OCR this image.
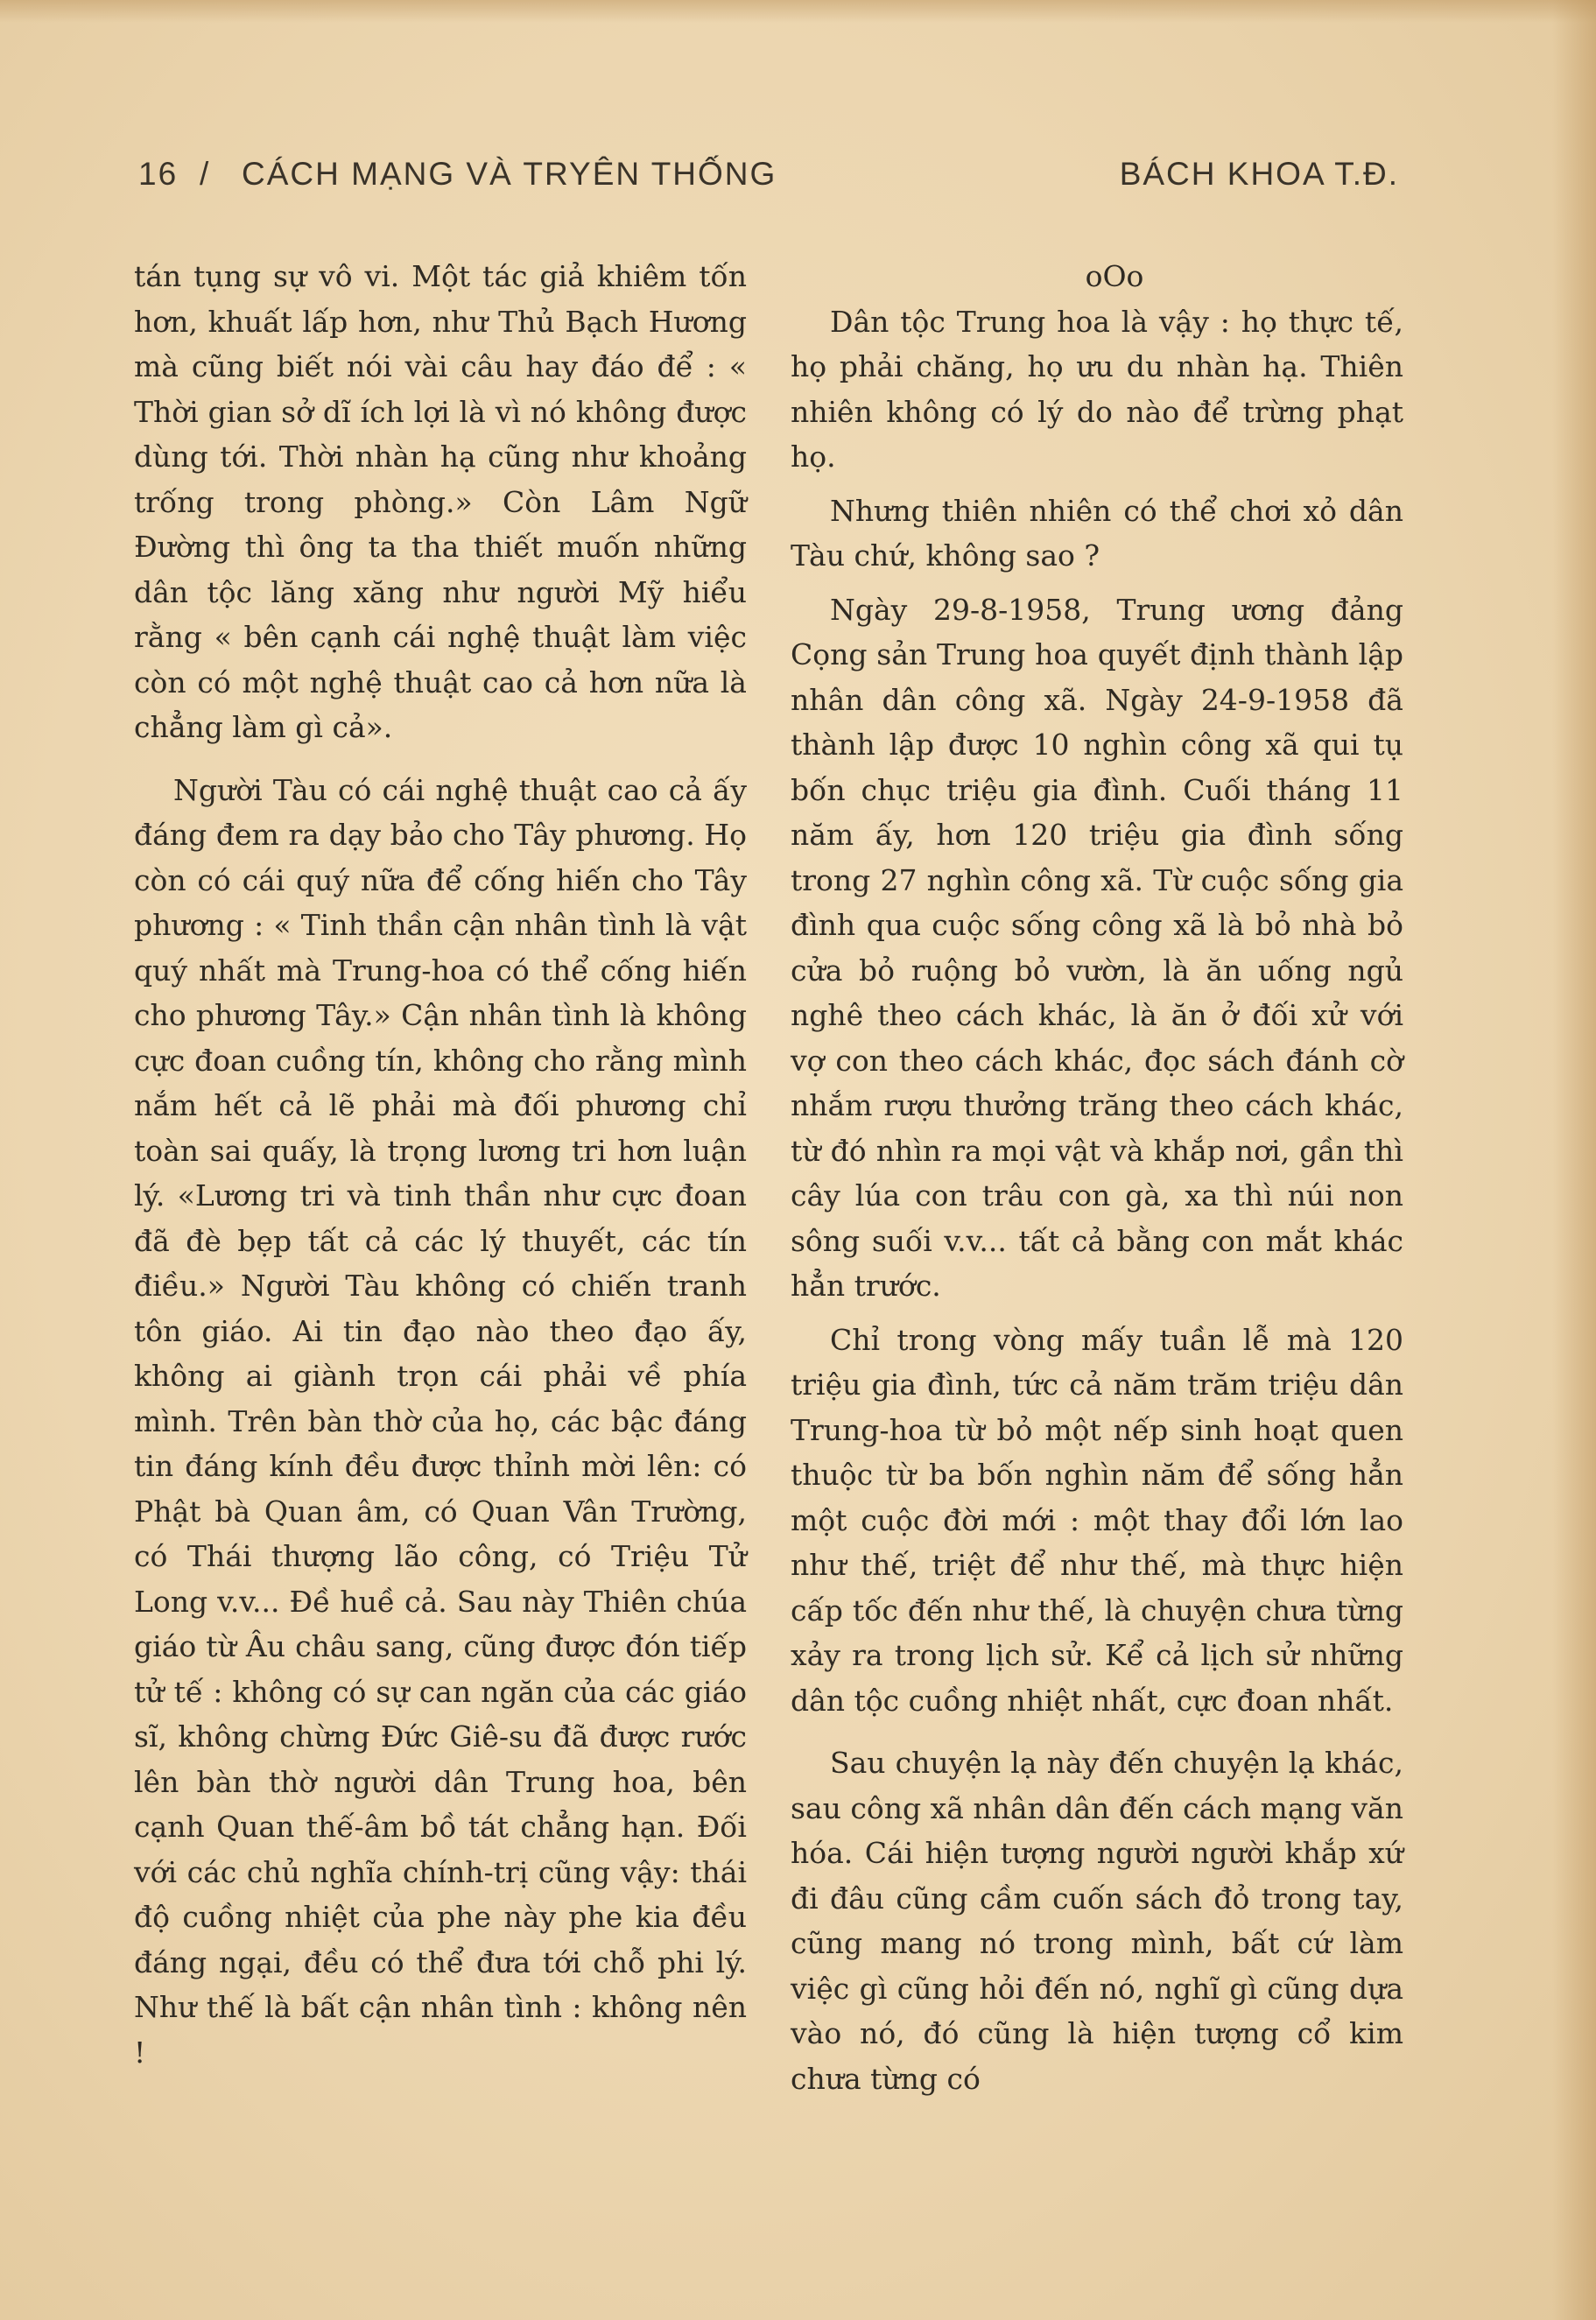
16 / CÁCH MẠNG VÀ TRYÊN THỐNG	BÁCH KHOA T.Đ.

tán tụng sự vô vi. Một tác giả khiêm tốn hơn, khuất lấp hơn, như Thủ Bạch Hương mà cũng biết nói vài câu hay đáo để : « Thời gian sở dĩ ích lợi là vì nó không được dùng tới. Thời nhàn hạ cũng như khoảng trống trong phòng.» Còn Lâm Ngữ Đường thì ông ta tha thiết muốn những dân tộc lăng xăng như người Mỹ hiểu rằng « bên cạnh cái nghệ thuật làm việc còn có một nghệ thuật cao cả hơn nữa là chẳng làm gì cả».

Người Tàu có cái nghệ thuật cao cả ấy đáng đem ra dạy bảo cho Tây phương. Họ còn có cái quý nữa để cống hiến cho Tây phương : « Tinh thần cận nhân tình là vật quý nhất mà Trung-hoa có thể cống hiến cho phương Tây.» Cận nhân tình là không cực đoan cuồng tín, không cho rằng mình nắm hết cả lẽ phải mà đối phương chỉ toàn sai quấy, là trọng lương tri hơn luận lý. «Lương tri và tinh thần như cực đoan đã đè bẹp tất cả các lý thuyết, các tín điều.» Người Tàu không có chiến tranh tôn giáo. Ai tin đạo nào theo đạo ấy, không ai giành trọn cái phải về phía mình. Trên bàn thờ của họ, các bậc đáng tin đáng kính đều được thỉnh mời lên: có Phật bà Quan âm, có Quan Vân Trường, có Thái thượng lão công, có Triệu Tử Long v.v... Đề huề cả. Sau này Thiên chúa giáo từ Âu châu sang, cũng được đón tiếp tử tế : không có sự can ngăn của các giáo sĩ, không chừng Đức Giê-su đã được rước lên bàn thờ người dân Trung hoa, bên cạnh Quan thế-âm bồ tát chẳng hạn. Đối với các chủ nghĩa chính-trị cũng vậy: thái độ cuồng nhiệt của phe này phe kia đều đáng ngại, đều có thể đưa tới chỗ phi lý. Như thế là bất cận nhân tình : không nên !

oOo

Dân tộc Trung hoa là vậy : họ thực tế, họ phải chăng, họ ưu du nhàn hạ. Thiên nhiên không có lý do nào để trừng phạt họ.

Nhưng thiên nhiên có thể chơi xỏ dân Tàu chứ, không sao ?

Ngày 29-8-1958, Trung ương đảng Cọng sản Trung hoa quyết định thành lập nhân dân công xã. Ngày 24-9-1958 đã thành lập được 10 nghìn công xã qui tụ bốn chục triệu gia đình. Cuối tháng 11 năm ấy, hơn 120 triệu gia đình sống trong 27 nghìn công xã. Từ cuộc sống gia đình qua cuộc sống công xã là bỏ nhà bỏ cửa bỏ ruộng bỏ vườn, là ăn uống ngủ nghê theo cách khác, là ăn ở đối xử với vợ con theo cách khác, đọc sách đánh cờ nhắm rượu thưởng trăng theo cách khác, từ đó nhìn ra mọi vật và khắp nơi, gần thì cây lúa con trâu con gà, xa thì núi non sông suối v.v... tất cả bằng con mắt khác hẳn trước.

Chỉ trong vòng mấy tuần lễ mà 120 triệu gia đình, tức cả năm trăm triệu dân Trung-hoa từ bỏ một nếp sinh hoạt quen thuộc từ ba bốn nghìn năm để sống hẳn một cuộc đời mới : một thay đổi lớn lao như thế, triệt để như thế, mà thực hiện cấp tốc đến như thế, là chuyện chưa từng xảy ra trong lịch sử. Kể cả lịch sử những dân tộc cuồng nhiệt nhất, cực đoan nhất.

Sau chuyện lạ này đến chuyện lạ khác, sau công xã nhân dân đến cách mạng văn hóa. Cái hiện tượng người người khắp xứ đi đâu cũng cầm cuốn sách đỏ trong tay, cũng mang nó trong mình, bất cứ làm việc gì cũng hỏi đến nó, nghĩ gì cũng dựa vào nó, đó cũng là hiện tượng cổ kim chưa từng có
